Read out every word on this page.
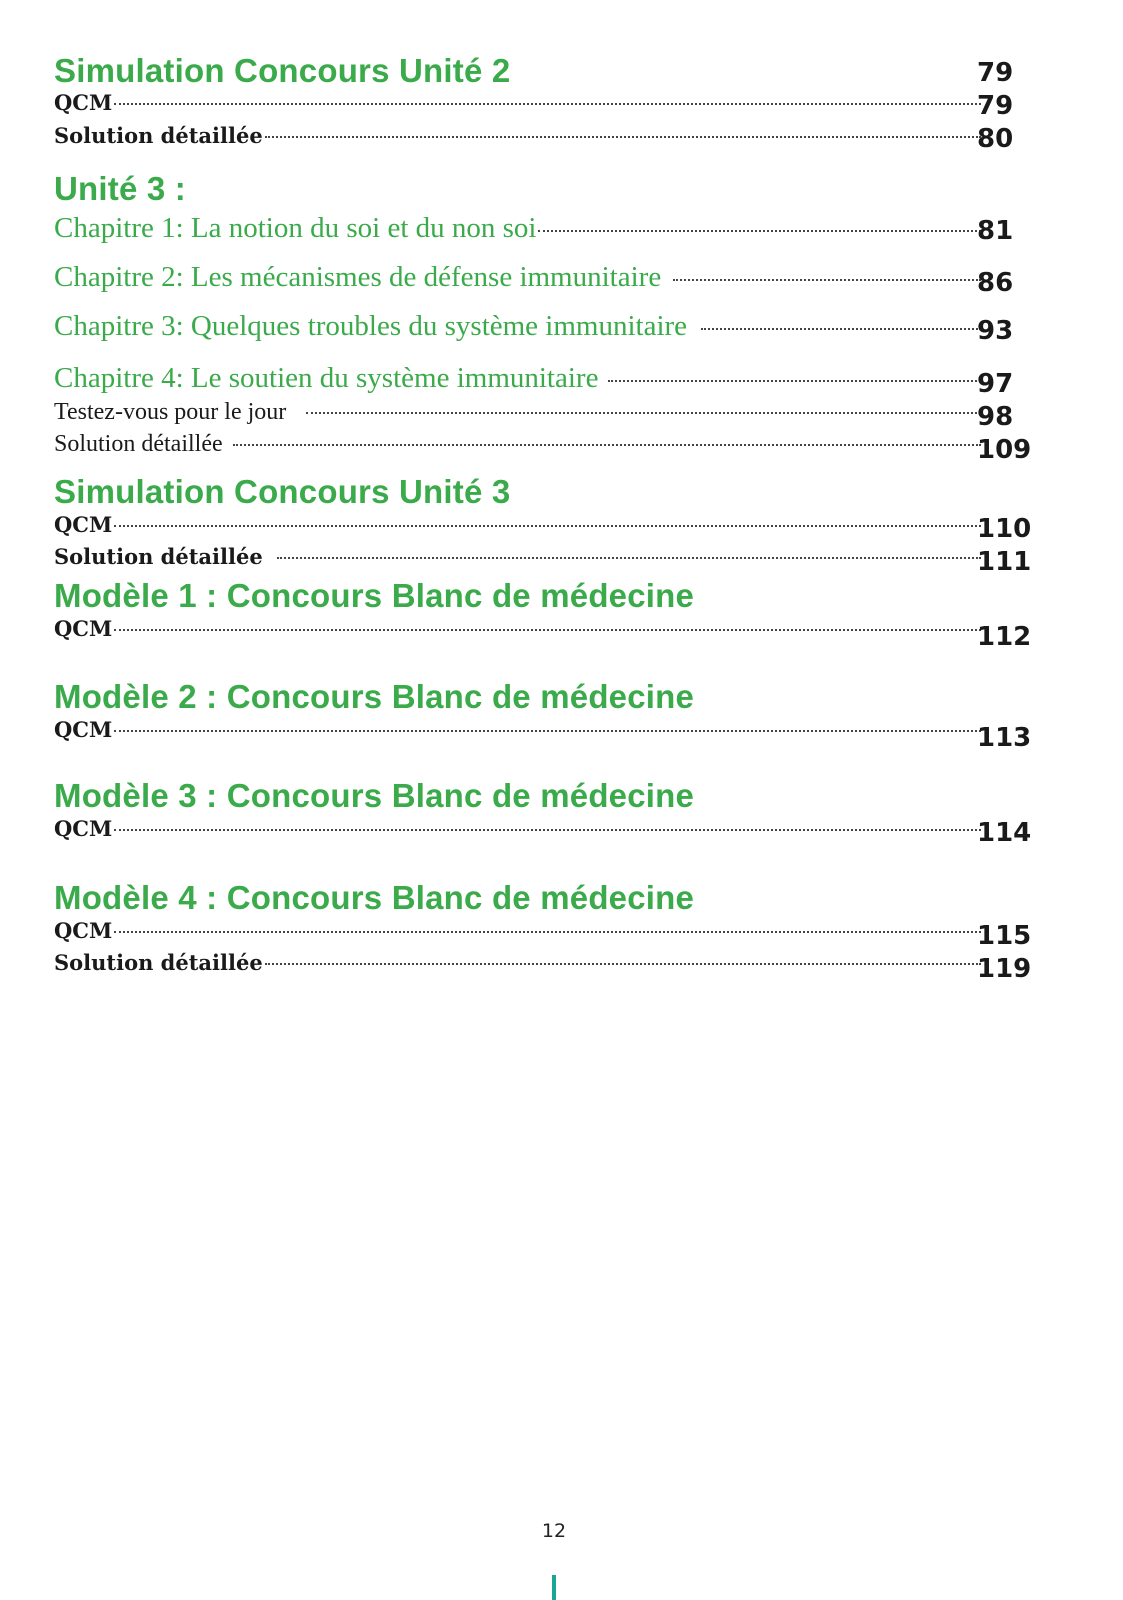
Simulation Concours Unité 2	79
QCM	79
Solution détaillée	80
Unité 3 :
Chapitre 1: La notion du soi et du non soi	81
Chapitre 2: Les mécanismes de défense immunitaire	86
Chapitre 3: Quelques troubles du système immunitaire	93
Chapitre 4: Le soutien du système immunitaire	97
Testez-vous pour le jour	98
Solution détaillée	109
Simulation Concours Unité 3
QCM	110
Solution détaillée	111
Modèle 1 : Concours Blanc de médecine
QCM	112
Modèle 2 : Concours Blanc de médecine
QCM	113
Modèle 3 : Concours Blanc de médecine
QCM	114
Modèle 4 : Concours Blanc de médecine
QCM	115
Solution détaillée	119
12
